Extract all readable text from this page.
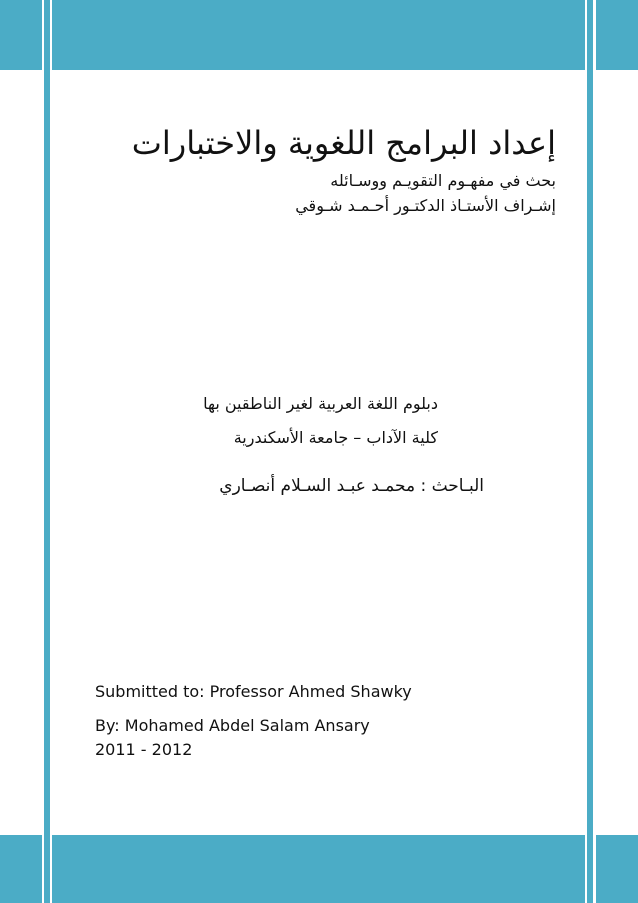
إعداد البرامج اللغوية والاختبارات
بحث في مفهـوم التقويـم ووسـائله
إشـراف الأستـاذ الدكتـور أحـمـد شـوقي
دبلوم اللغة العربية لغير الناطقين بها
كلية الآداب – جامعة الأسكندرية
البـاحث : محمـد عبـد السـلام أنصـاري
Submitted to: Professor Ahmed Shawky
By: Mohamed Abdel Salam Ansary
2011 - 2012
